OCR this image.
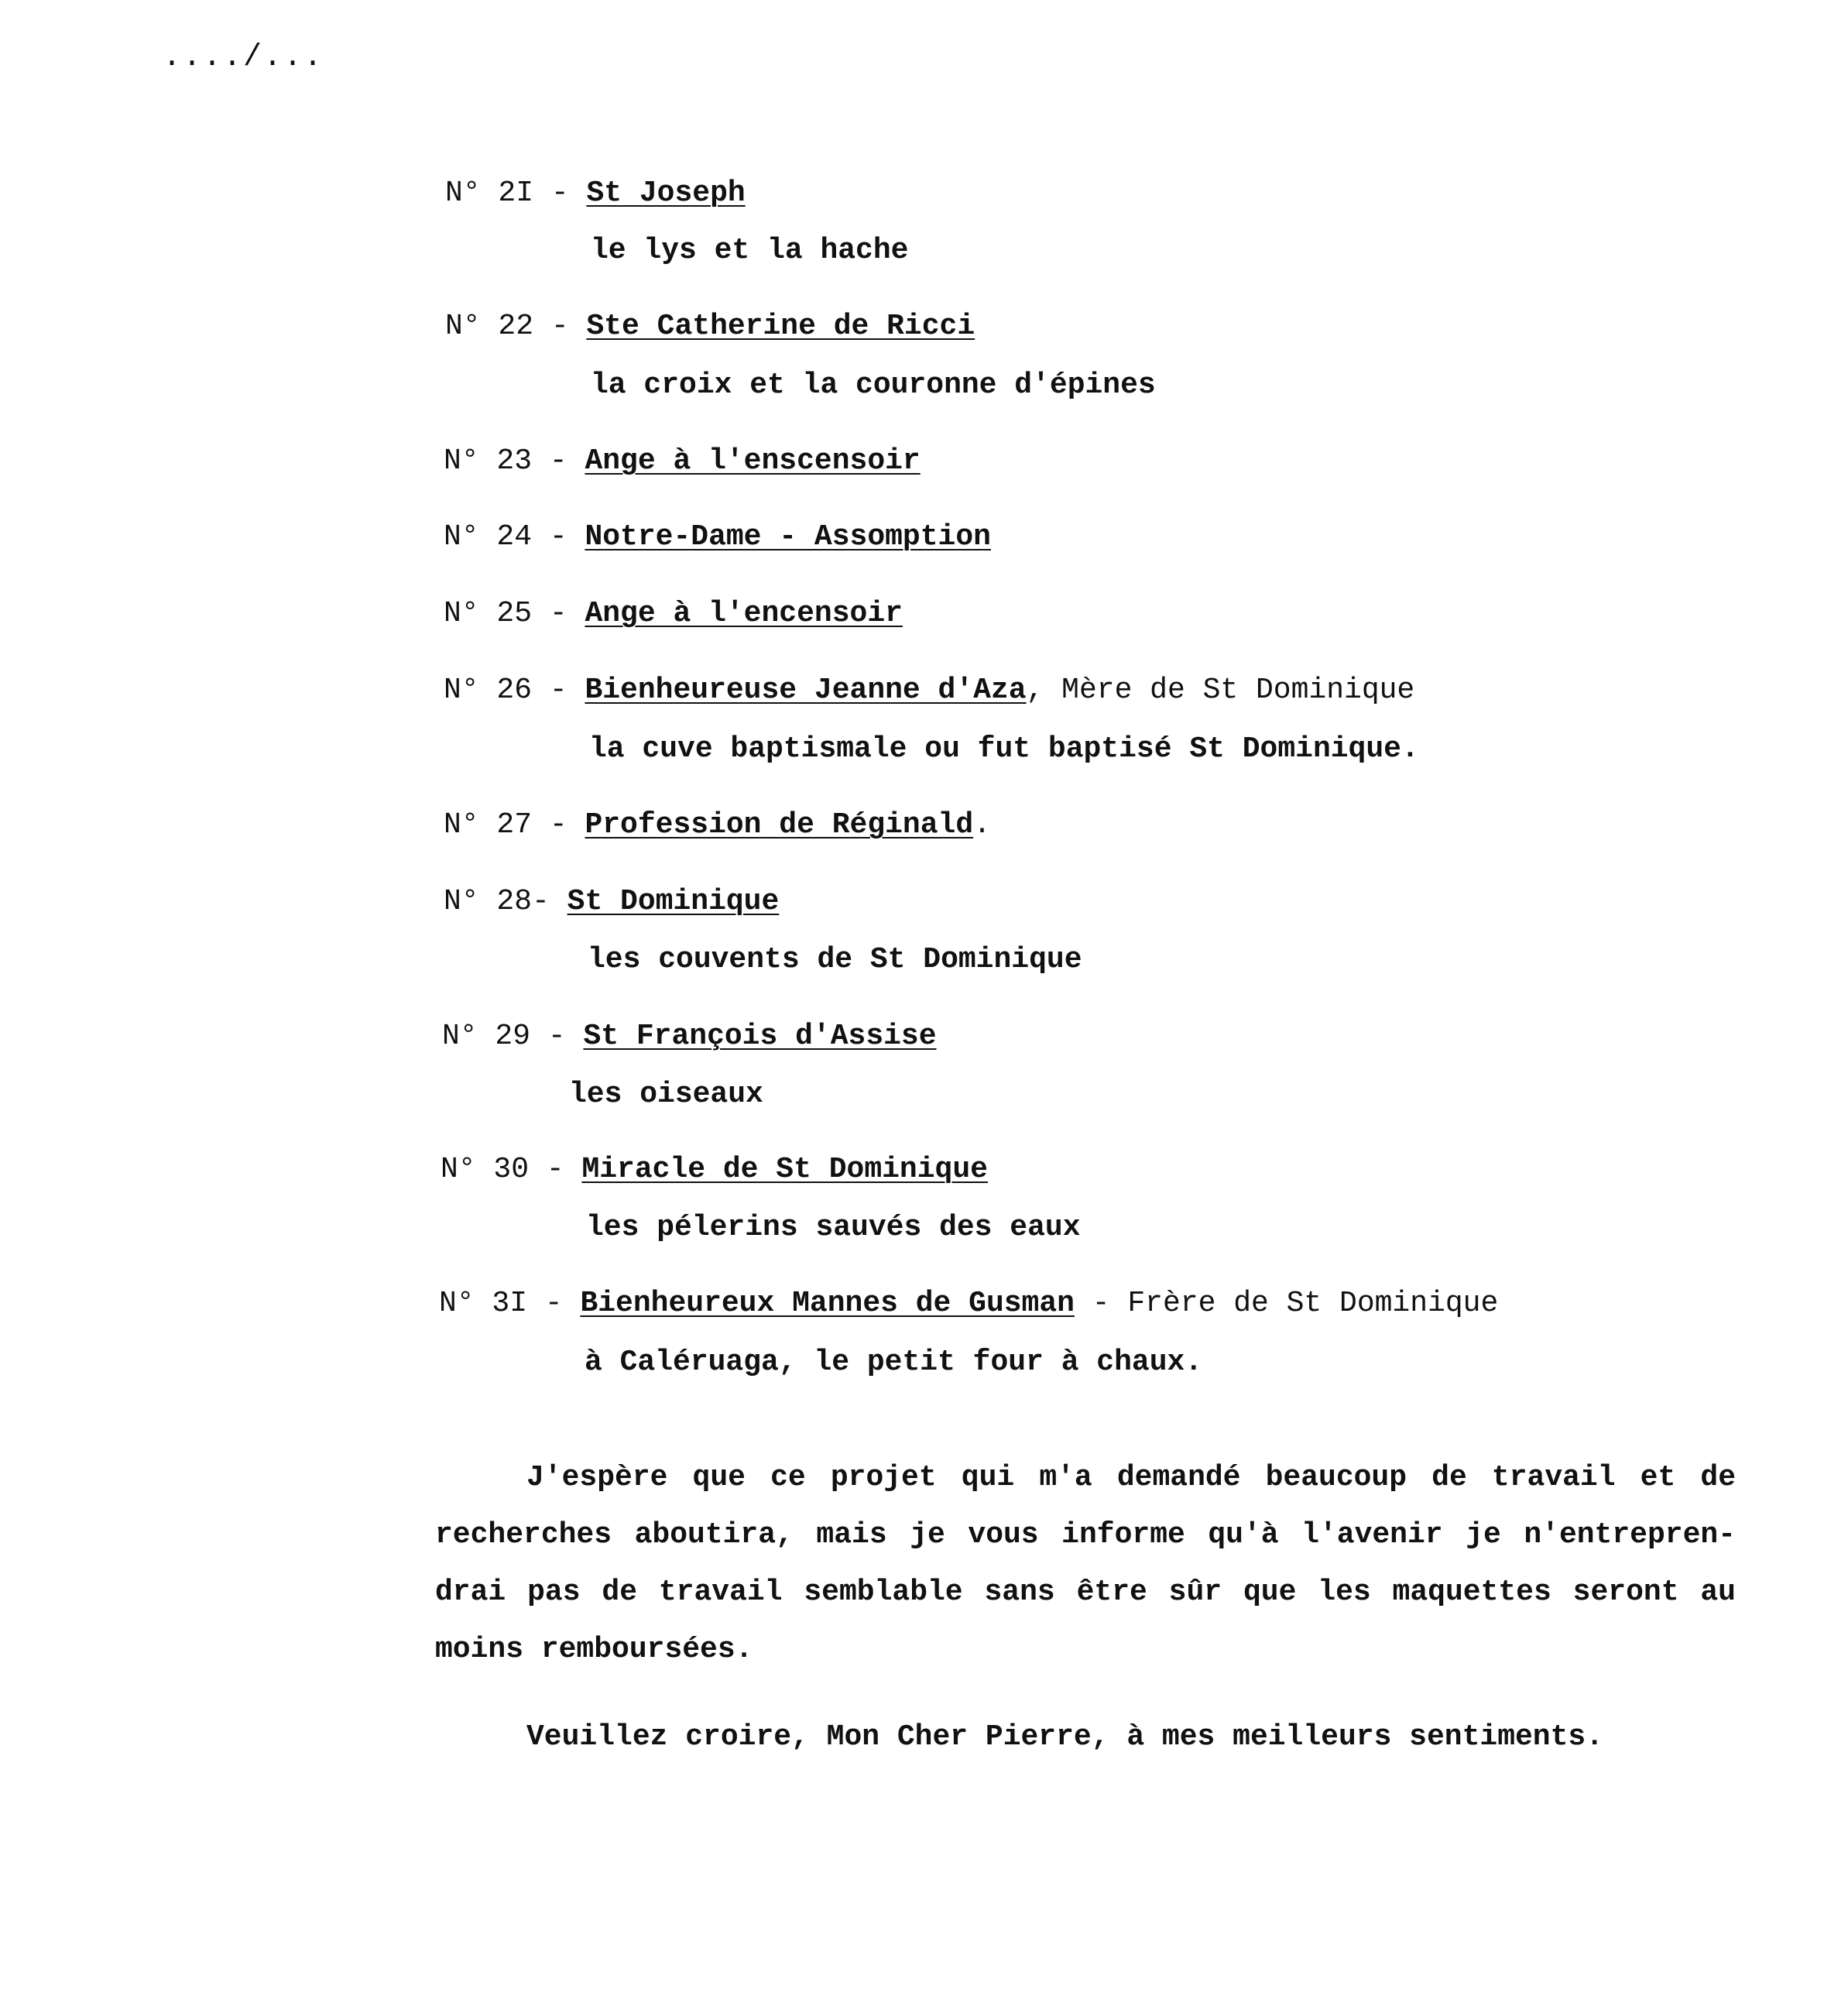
..../...
N° 2I - St Joseph
le lys et la hache
N° 22 - Ste Catherine de Ricci
la croix et la couronne d'épines
N° 23 - Ange à l'enscensoir
N° 24 - Notre-Dame - Assomption
N° 25 - Ange à l'encensoir
N° 26 - Bienheureuse Jeanne d'Aza, Mère de St Dominique
la cuve baptismale ou fut baptisé St Dominique.
N° 27 - Profession de Réginald.
N° 28- St Dominique
les couvents de St Dominique
N° 29 - St François d'Assise
les oiseaux
N° 30 - Miracle de St Dominique
les pélerins sauvés des eaux
N° 3I - Bienheureux Mannes de Gusman - Frère de St Dominique
à Caléruaga, le petit four à chaux.
J'espère que ce projet qui m'a demandé beaucoup de travail et de recherches aboutira, mais je vous informe qu'à l'avenir je n'entrepren-drai pas de travail semblable sans être sûr que les maquettes seront au moins remboursées.
Veuillez croire, Mon Cher Pierre, à mes meilleurs sentiments.
